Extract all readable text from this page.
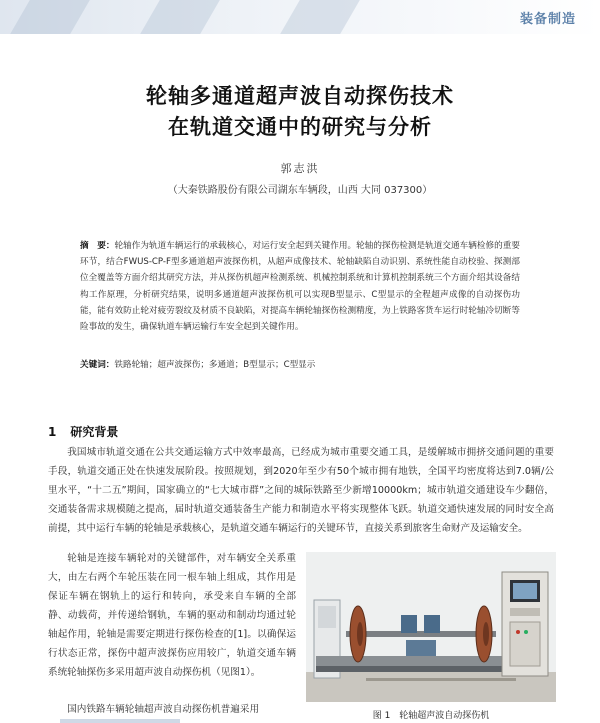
装备制造
轮轴多通道超声波自动探伤技术
在轨道交通中的研究与分析
郭志洪
（大秦铁路股份有限公司湖东车辆段，山西 大同 037300）
摘　要：轮轴作为轨道车辆运行的承载核心，对运行安全起到关键作用。轮轴的探伤检测是轨道交通车辆检修的重要环节，结合FWUS-CP-F型多通道超声波探伤机，从超声成像技术、轮轴缺陷自动识别、系统性能自动校验、探测部位全覆盖等方面介绍其研究方法，并从探伤机超声检测系统、机械控制系统和计算机控制系统三个方面介绍其设备结构工作原理，分析研究结果，说明多通道超声波探伤机可以实现B型显示、C型显示的全程超声成像的自动探伤功能，能有效防止轮对疲劳裂纹及材质不良缺陷，对提高车辆轮轴探伤检测精度，为上铁路客货车运行时轮轴冷切断等险事故的发生，确保轨道车辆运输行车安全起到关键作用。
关键词：铁路轮轴；超声波探伤；多通道；B型显示；C型显示
1 研究背景

我国城市轨道交通在公共交通运输方式中效率最高，已经成为城市重要交通工具，是缓解城市拥挤交通问题的重要手段，轨道交通正处在快速发展阶段。按照规划，到2020年至少有50个城市拥有地铁，全国平均密度将达到7.0辆/公里水平，“十二五”期间，国家确立的“七大城市群”之间的城际铁路至少新增10000km；城市轨道交通建设车少翻倍，交通装备需求规模随之提高，届时轨道交通装备生产能力和制造水平将实现整体飞跃。轨道交通快速发展的同时安全高前提，其中运行车辆的轮轴是承载核心，是轨道交通车辆运行的关键环节，直接关系到旅客生命财产及运输安全。

轮轴是连接车辆轮对的关键部件，对车辆安全关系重大，由左右两个车轮压装在同一根车轴上组成，其作用是保证车辆在钢轨上的运行和转向，承受来自车辆的全部静、动载荷，并传递给钢轨，车辆的驱动和制动均通过轮轴起作用，轮轴是需要定期进行探伤检查的[1]。以确保运行状态正常，探伤中超声波探伤应用较广，轨道交通车辆系统轮轴探伤多采用超声波自动探伤机（见图1）。

国内铁路车辆轮轴超声波自动探伤机普遍采用

图 1　轮轴超声波自动探伤机
